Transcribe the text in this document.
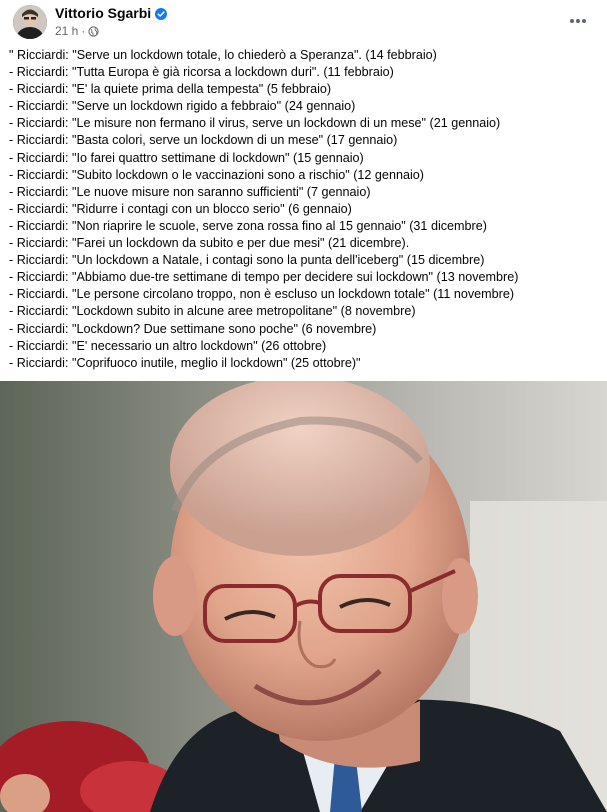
Vittorio Sgarbi
21 h ·
" Ricciardi: "Serve un lockdown totale, lo chiederò a Speranza". (14 febbraio)
- Ricciardi: "Tutta Europa è già ricorsa a lockdown duri". (11 febbraio)
- Ricciardi: "E' la quiete prima della tempesta" (5 febbraio)
- Ricciardi: "Serve un lockdown rigido a febbraio" (24 gennaio)
- Ricciardi: "Le misure non fermano il virus, serve un lockdown di un mese" (21 gennaio)
- Ricciardi: "Basta colori, serve un lockdown di un mese" (17 gennaio)
- Ricciardi: "Io farei quattro settimane di lockdown" (15 gennaio)
- Ricciardi: "Subito lockdown o le vaccinazioni sono a rischio" (12 gennaio)
- Ricciardi: "Le nuove misure non saranno sufficienti" (7 gennaio)
- Ricciardi: "Ridurre i contagi con un blocco serio" (6 gennaio)
- Ricciardi: "Non riaprire le scuole, serve zona rossa fino al 15 gennaio" (31 dicembre)
- Ricciardi: "Farei un lockdown da subito e per due mesi" (21 dicembre).
- Ricciardi: "Un lockdown a Natale, i contagi sono la punta dell'iceberg" (15 dicembre)
- Ricciardi: "Abbiamo due-tre settimane di tempo per decidere sui lockdown" (13 novembre)
- Ricciardi. "Le persone circolano troppo, non è escluso un lockdown totale" (11 novembre)
- Ricciardi: "Lockdown subito in alcune aree metropolitane" (8 novembre)
- Ricciardi: "Lockdown? Due settimane sono poche" (6 novembre)
- Ricciardi: "E' necessario un altro lockdown" (26 ottobre)
- Ricciardi: "Coprifuoco inutile, meglio il lockdown" (25 ottobre)"
